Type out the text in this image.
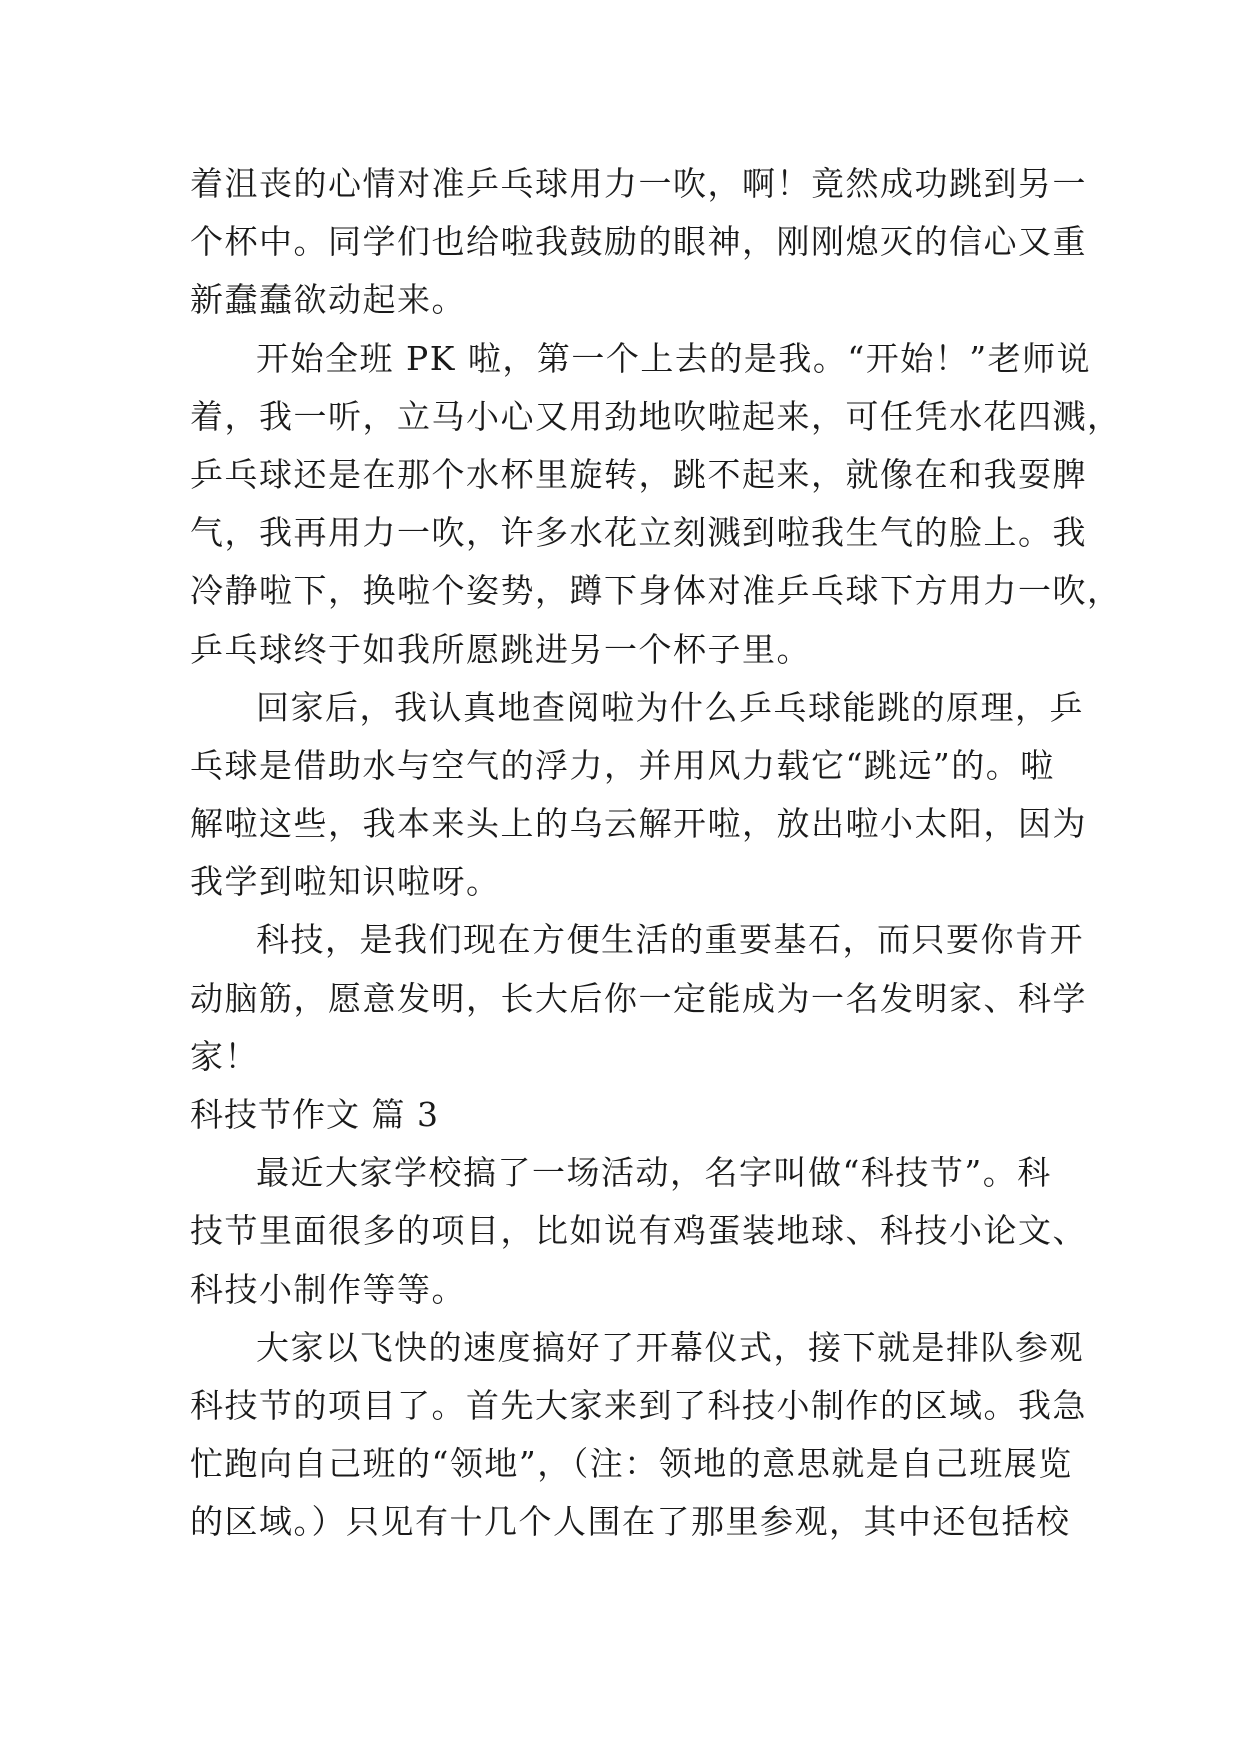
着沮丧的心情对准乒乓球用力一吹，啊！竟然成功跳到另一
个杯中。同学们也给啦我鼓励的眼神，刚刚熄灭的信心又重
新蠢蠢欲动起来。
开始全班 PK 啦，第一个上去的是我。“开始！”老师说
着，我一听，立马小心又用劲地吹啦起来，可任凭水花四溅，
乒乓球还是在那个水杯里旋转，跳不起来，就像在和我耍脾
气，我再用力一吹，许多水花立刻溅到啦我生气的脸上。我
冷静啦下，换啦个姿势，蹲下身体对准乒乓球下方用力一吹，
乒乓球终于如我所愿跳进另一个杯子里。
回家后，我认真地查阅啦为什么乒乓球能跳的原理，乒
乓球是借助水与空气的浮力，并用风力载它“跳远”的。啦
解啦这些，我本来头上的乌云解开啦，放出啦小太阳，因为
我学到啦知识啦呀。
科技，是我们现在方便生活的重要基石，而只要你肯开
动脑筋，愿意发明，长大后你一定能成为一名发明家、科学
家！
科技节作文 篇 3
最近大家学校搞了一场活动，名字叫做“科技节”。科
技节里面很多的项目，比如说有鸡蛋装地球、科技小论文、
科技小制作等等。
大家以飞快的速度搞好了开幕仪式，接下就是排队参观
科技节的项目了。首先大家来到了科技小制作的区域。我急
忙跑向自己班的“领地”，（注：领地的意思就是自己班展览
的区域。）只见有十几个人围在了那里参观，其中还包括校
